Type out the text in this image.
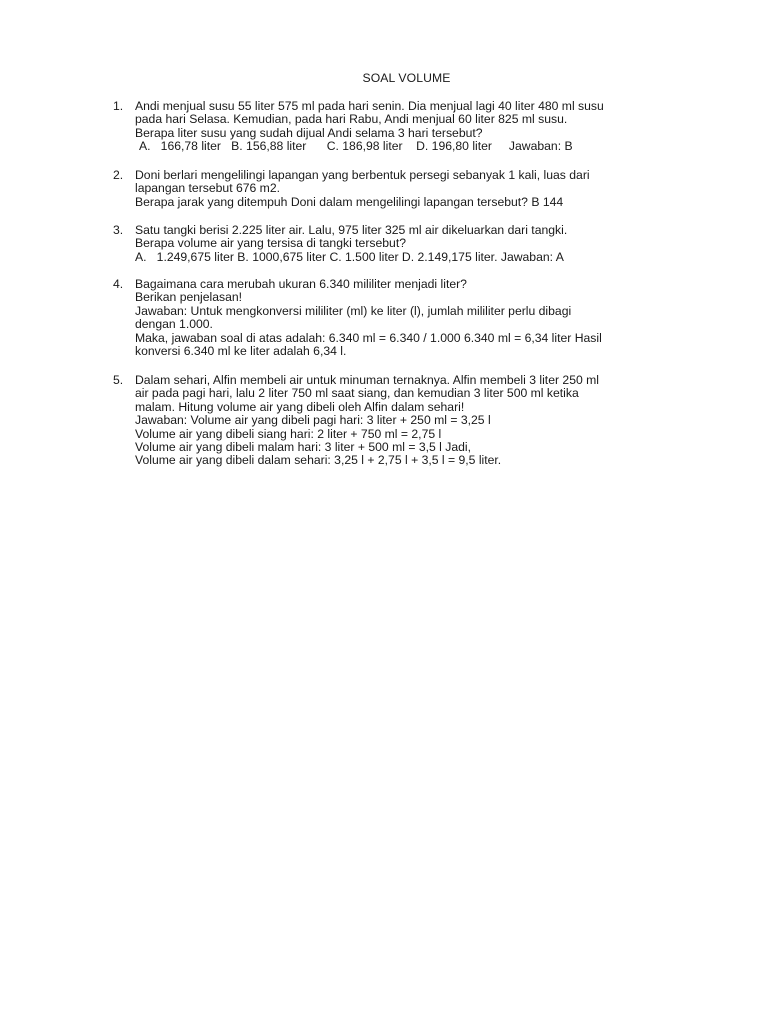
SOAL VOLUME
1. Andi menjual susu 55 liter 575 ml pada hari senin. Dia menjual lagi 40 liter 480 ml susu
pada hari Selasa. Kemudian, pada hari Rabu, Andi menjual 60 liter 825 ml susu.
Berapa liter susu yang sudah dijual Andi selama 3 hari tersebut?
A.   166,78 liter B. 156,88 liter C. 186,98 liter D. 196,80 liter Jawaban: B
2. Doni berlari mengelilingi lapangan yang berbentuk persegi sebanyak 1 kali, luas dari
lapangan tersebut 676 m2.
Berapa jarak yang ditempuh Doni dalam mengelilingi lapangan tersebut? B 144
3. Satu tangki berisi 2.225 liter air. Lalu, 975 liter 325 ml air dikeluarkan dari tangki.
Berapa volume air yang tersisa di tangki tersebut?
A.   1.249,675 liter B. 1000,675 liter C. 1.500 liter D. 2.149,175 liter. Jawaban: A
4. Bagaimana cara merubah ukuran 6.340 mililiter menjadi liter?
Berikan penjelasan!
Jawaban: Untuk mengkonversi mililiter (ml) ke liter (l), jumlah mililiter perlu dibagi
dengan 1.000.
Maka, jawaban soal di atas adalah: 6.340 ml = 6.340 / 1.000 6.340 ml = 6,34 liter Hasil
konversi 6.340 ml ke liter adalah 6,34 l.
5. Dalam sehari, Alfin membeli air untuk minuman ternaknya. Alfin membeli 3 liter 250 ml
air pada pagi hari, lalu 2 liter 750 ml saat siang, dan kemudian 3 liter 500 ml ketika
malam. Hitung volume air yang dibeli oleh Alfin dalam sehari!
Jawaban: Volume air yang dibeli pagi hari: 3 liter + 250 ml = 3,25 l
Volume air yang dibeli siang hari: 2 liter + 750 ml = 2,75 l
Volume air yang dibeli malam hari: 3 liter + 500 ml = 3,5 l Jadi,
Volume air yang dibeli dalam sehari: 3,25 l + 2,75 l + 3,5 l = 9,5 liter.
